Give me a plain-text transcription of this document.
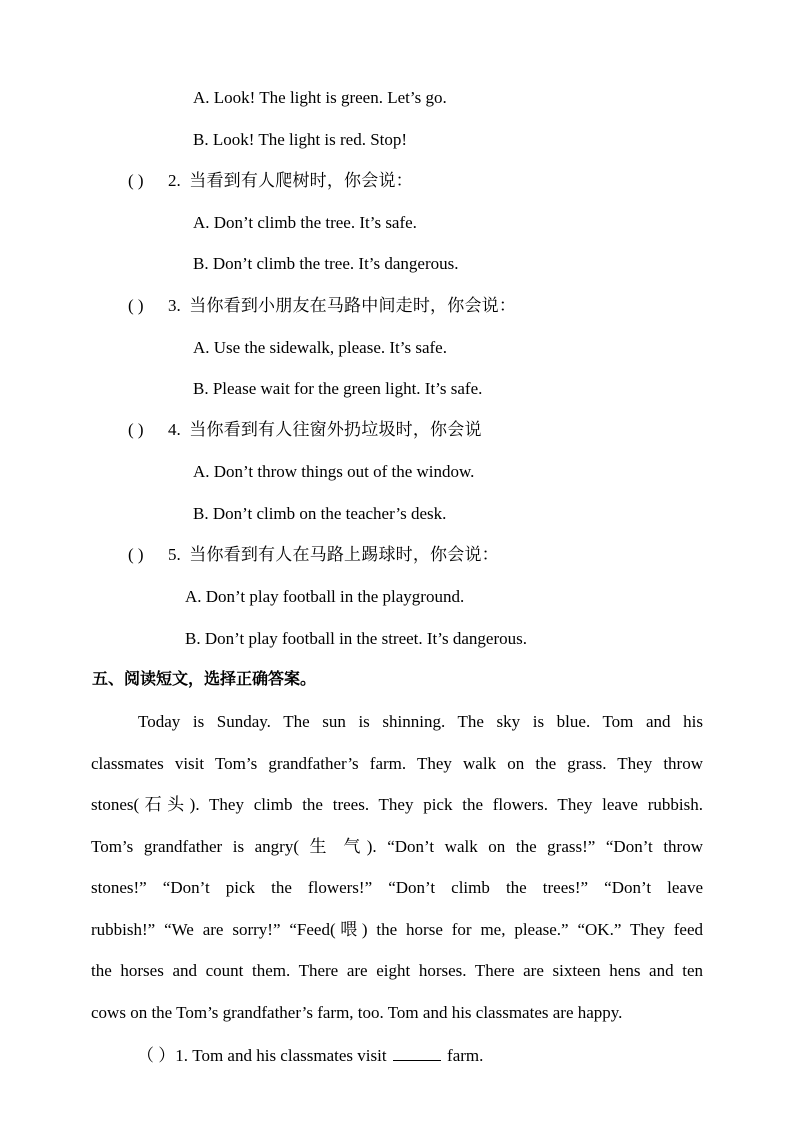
A. Look! The light is green. Let’s go.
B. Look! The light is red. Stop!
( ) 2. 当看到有人爬树时，你会说：
A. Don’t climb the tree. It’s safe.
B. Don’t climb the tree. It’s dangerous.
( ) 3. 当你看到小朋友在马路中间走时，你会说：
A. Use the sidewalk, please. It’s safe.
B. Please wait for the green light. It’s safe.
( ) 4. 当你看到有人往窗外扔垃圾时，你会说
A. Don’t throw things out of the window.
B. Don’t climb on the teacher’s desk.
( ) 5. 当你看到有人在马路上踢球时，你会说：
A. Don’t play football in the playground.
B. Don’t play football in the street. It’s dangerous.
五、阅读短文，选择正确答案。
Today is Sunday. The sun is shinning. The sky is blue. Tom and his
classmates visit Tom’s grandfather’s farm. They walk on the grass. They throw
stones(石头). They climb the trees. They pick the flowers. They leave rubbish.
Tom’s grandfather is angry( 生 气). “Don’t walk on the grass!” “Don’t throw
stones!” “Don’t pick the flowers!” “Don’t climb the trees!” “Don’t leave
rubbish!” “We are sorry!” “Feed(喂) the horse for me, please.” “OK.” They feed
the horses and count them. There are eight horses. There are sixteen hens and ten
cows on the Tom’s grandfather’s farm, too. Tom and his classmates are happy.
（ ）1. Tom and his classmates visit	farm.
